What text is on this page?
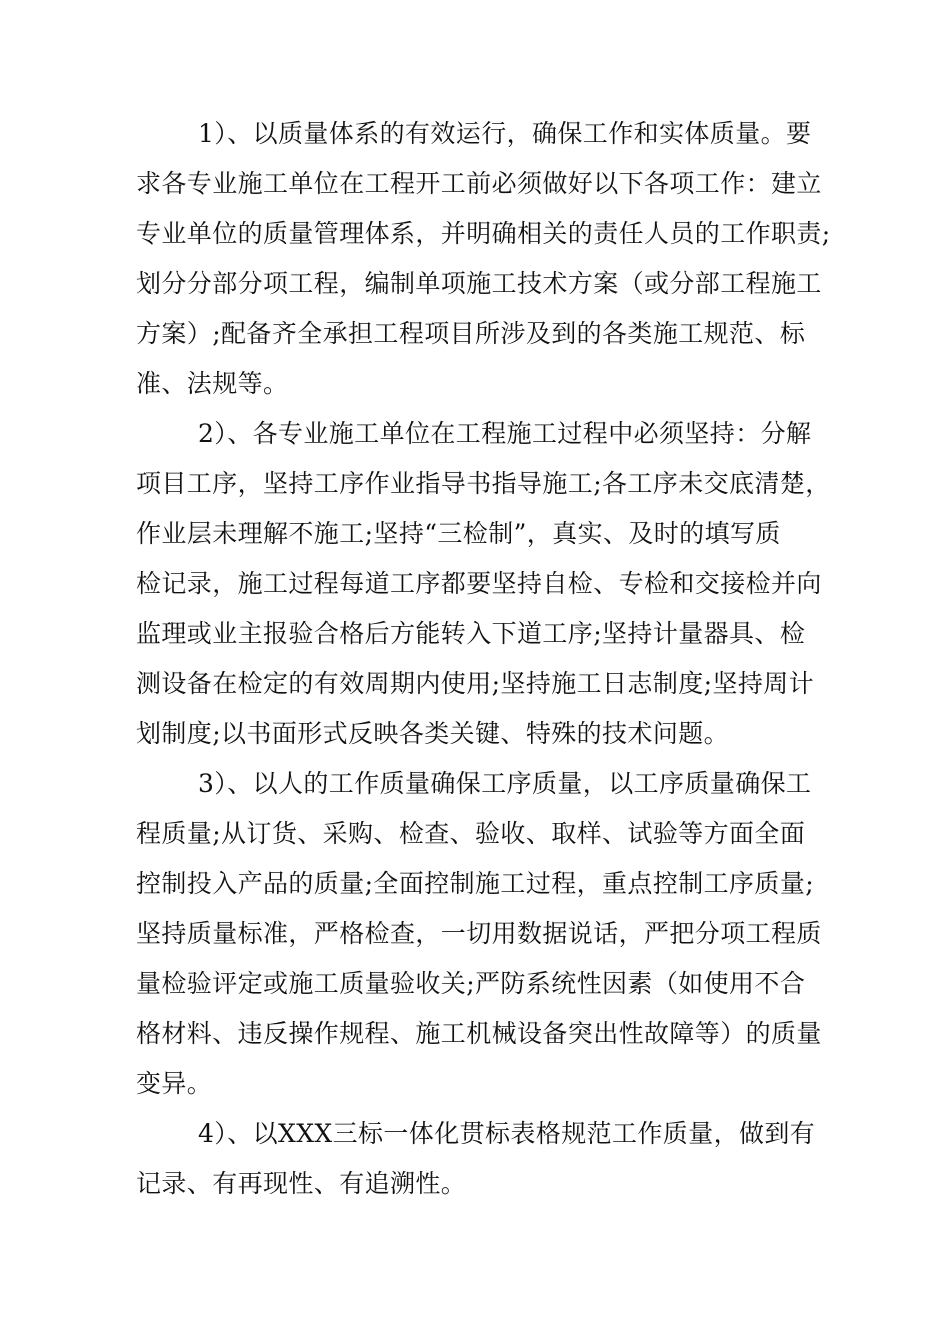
1）、以质量体系的有效运行，确保工作和实体质量。要
求各专业施工单位在工程开工前必须做好以下各项工作：建立
专业单位的质量管理体系，并明确相关的责任人员的工作职责;
划分分部分项工程，编制单项施工技术方案（或分部工程施工
方案）;配备齐全承担工程项目所涉及到的各类施工规范、标
准、法规等。
2）、各专业施工单位在工程施工过程中必须坚持：分解
项目工序，坚持工序作业指导书指导施工;各工序未交底清楚，
作业层未理解不施工;坚持“三检制”，真实、及时的填写质
检记录，施工过程每道工序都要坚持自检、专检和交接检并向
监理或业主报验合格后方能转入下道工序;坚持计量器具、检
测设备在检定的有效周期内使用;坚持施工日志制度;坚持周计
划制度;以书面形式反映各类关键、特殊的技术问题。
3）、以人的工作质量确保工序质量，以工序质量确保工
程质量;从订货、采购、检查、验收、取样、试验等方面全面
控制投入产品的质量;全面控制施工过程，重点控制工序质量;
坚持质量标准，严格检查，一切用数据说话，严把分项工程质
量检验评定或施工质量验收关;严防系统性因素（如使用不合
格材料、违反操作规程、施工机械设备突出性故障等）的质量
变异。
4）、以XXX三标一体化贯标表格规范工作质量，做到有
记录、有再现性、有追溯性。
